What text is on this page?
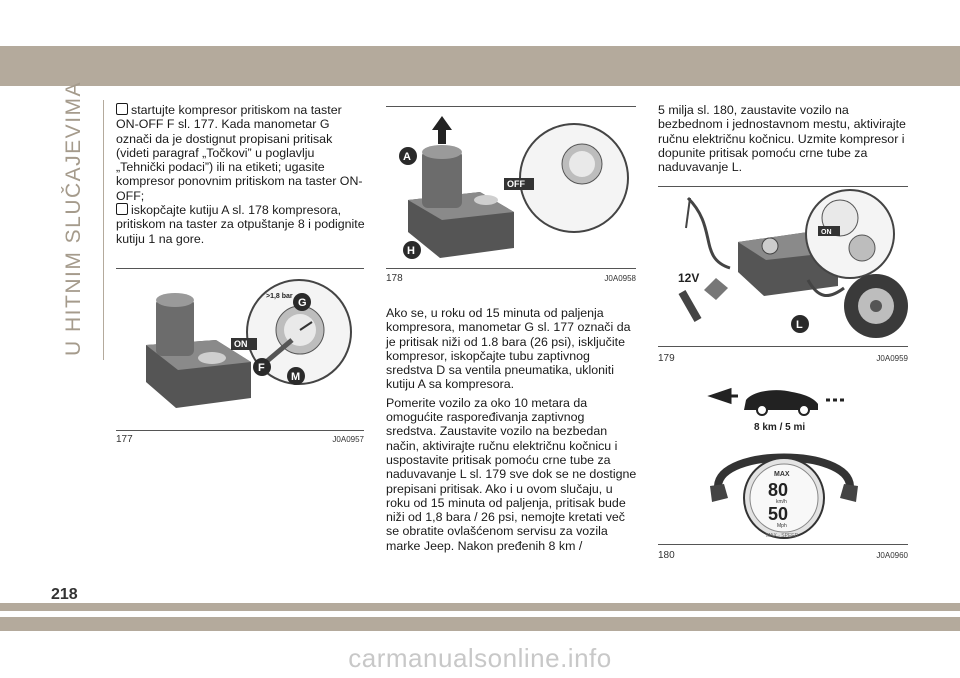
U HITNIM SLUČAJEVIMA
218
carmanualsonline.info
startujte kompresor pritiskom na taster ON-OFF F sl. 177. Kada manometar G označi da je dostignut propisani pritisak (videti paragraf „Točkovi” u poglavlju „Tehnički podaci”) ili na etiketi; ugasite kompresor ponovnim pritiskom na taster ON-OFF;
iskopčajte kutiju A sl. 178 kompresora, pritiskom na taster za otpuštanje 8 i podignite kutiju 1 na gore.
ON
>1,8 bar
G
F
M
177	J0A0957
OFF
A
H
178	J0A0958

Ako se, u roku od 15 minuta od paljenja kompresora, manometar G sl. 177 označi da je pritisak niži od 1.8 bara (26 psi), isključite kompresor, iskopčajte tubu zaptivnog sredstva D sa ventila pneumatika, ukloniti kutiju A sa kompresora.

Pomerite vozilo za oko 10 metara da omogućite raspoređivanja zaptivnog sredstva. Zaustavite vozilo na bezbedan način, aktivirajte ručnu električnu kočnicu i uspostavite pritisak pomoću crne tube za naduvavanje L sl. 179 sve dok se ne dostigne prepisani pritisak. Ako i u ovom slučaju, u roku od 15 minuta od paljenja, pritisak bude niži od 1,8 bara / 26 psi, nemojte kretati več se obratite ovlašćenom servisu za vozila marke Jeep. Nakon pređenih 8 km /

5 milja sl. 180, zaustavite vozilo na bezbednom i jednostavnom mestu, aktivirajte ručnu električnu kočnicu. Uzmite kompresor i dopunite pritisak pomoću crne tube za naduvavanje L.

ON
12V
L
179	J0A0959
8 km / 5 mi
MAX
80
km/h
50
Mph
MAX · SPEED
180	J0A0960
